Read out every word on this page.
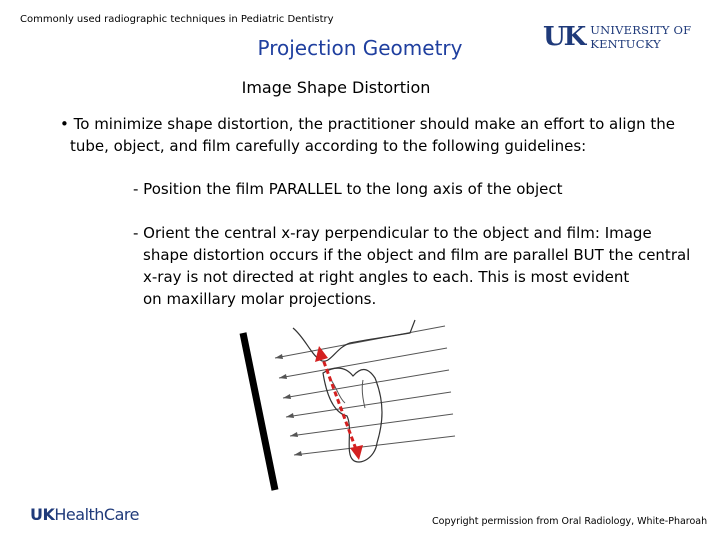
Commonly used radiographic techniques in Pediatric Dentistry
UK UNIVERSITY OF KENTUCKY
Projection Geometry
Image Shape Distortion
• To minimize shape distortion, the practitioner should make an effort to align the
tube, object, and film carefully according to the following guidelines:
- Position the film PARALLEL to the long axis of the object
- Orient the central x-ray perpendicular to the object and film: Image
shape distortion occurs if the object and film are parallel BUT the central
x-ray is not directed at right angles to each. This is most evident
on maxillary molar projections.
UKHealthCare	Copyright permission from Oral Radiology, White-Pharoah
